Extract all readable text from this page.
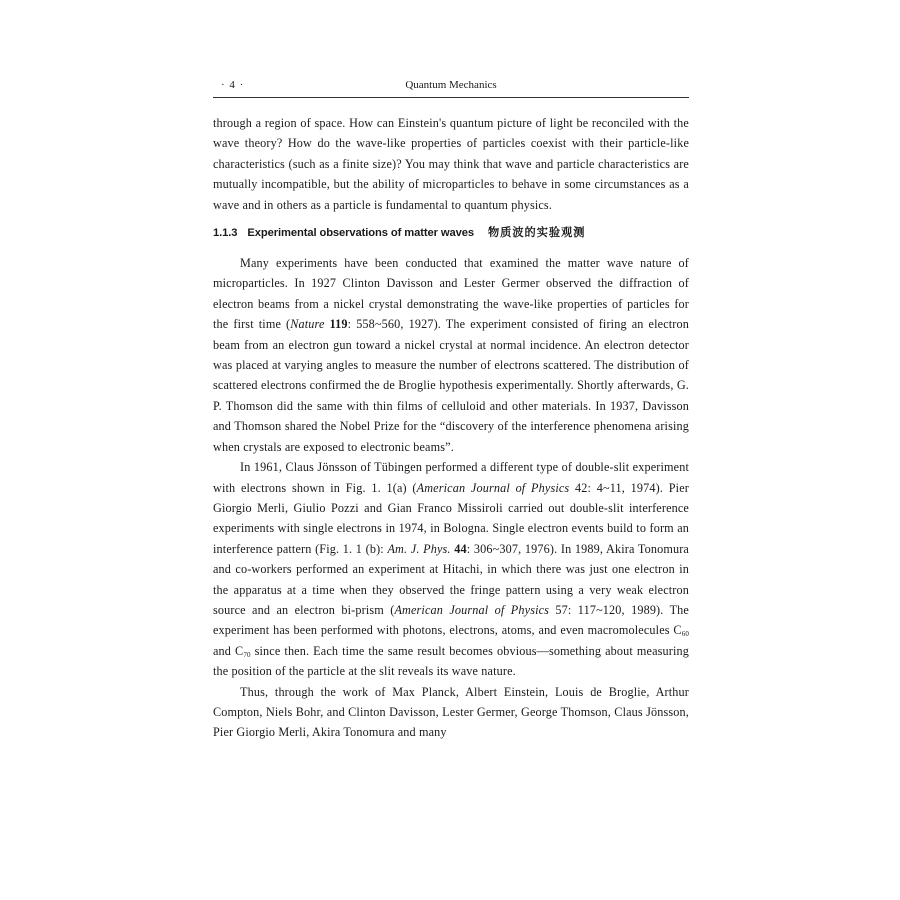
· 4 ·	Quantum Mechanics

through a region of space. How can Einstein's quantum picture of light be reconciled with the wave theory? How do the wave-like properties of particles coexist with their particle-like characteristics (such as a finite size)? You may think that wave and particle characteristics are mutually incompatible, but the ability of microparticles to behave in some circumstances as a wave and in others as a particle is fundamental to quantum physics.

1.1.3 Experimental observations of matter waves 物质波的实验观测

Many experiments have been conducted that examined the matter wave nature of microparticles. In 1927 Clinton Davisson and Lester Germer observed the diffraction of electron beams from a nickel crystal demonstrating the wave-like properties of particles for the first time (Nature 119: 558~560, 1927). The experiment consisted of firing an electron beam from an electron gun toward a nickel crystal at normal incidence. An electron detector was placed at varying angles to measure the number of electrons scattered. The distribution of scattered electrons confirmed the de Broglie hypothesis experimentally. Shortly afterwards, G. P. Thomson did the same with thin films of celluloid and other materials. In 1937, Davisson and Thomson shared the Nobel Prize for the “discovery of the interference phenomena arising when crystals are exposed to electronic beams”.

In 1961, Claus Jönsson of Tübingen performed a different type of double-slit experiment with electrons shown in Fig. 1. 1(a) (American Journal of Physics 42: 4~11, 1974). Pier Giorgio Merli, Giulio Pozzi and Gian Franco Missiroli carried out double-slit interference experiments with single electrons in 1974, in Bologna. Single electron events build to form an interference pattern (Fig. 1. 1 (b): Am. J. Phys. 44: 306~307, 1976). In 1989, Akira Tonomura and co-workers performed an experiment at Hitachi, in which there was just one electron in the apparatus at a time when they observed the fringe pattern using a very weak electron source and an electron bi-prism (American Journal of Physics 57: 117~120, 1989). The experiment has been performed with photons, electrons, atoms, and even macromolecules $C_{60}$ and $C_{70}$ since then. Each time the same result becomes obvious—something about measuring the position of the particle at the slit reveals its wave nature.

Thus, through the work of Max Planck, Albert Einstein, Louis de Broglie, Arthur Compton, Niels Bohr, and Clinton Davisson, Lester Germer, George Thomson, Claus Jönsson, Pier Giorgio Merli, Akira Tonomura and many
